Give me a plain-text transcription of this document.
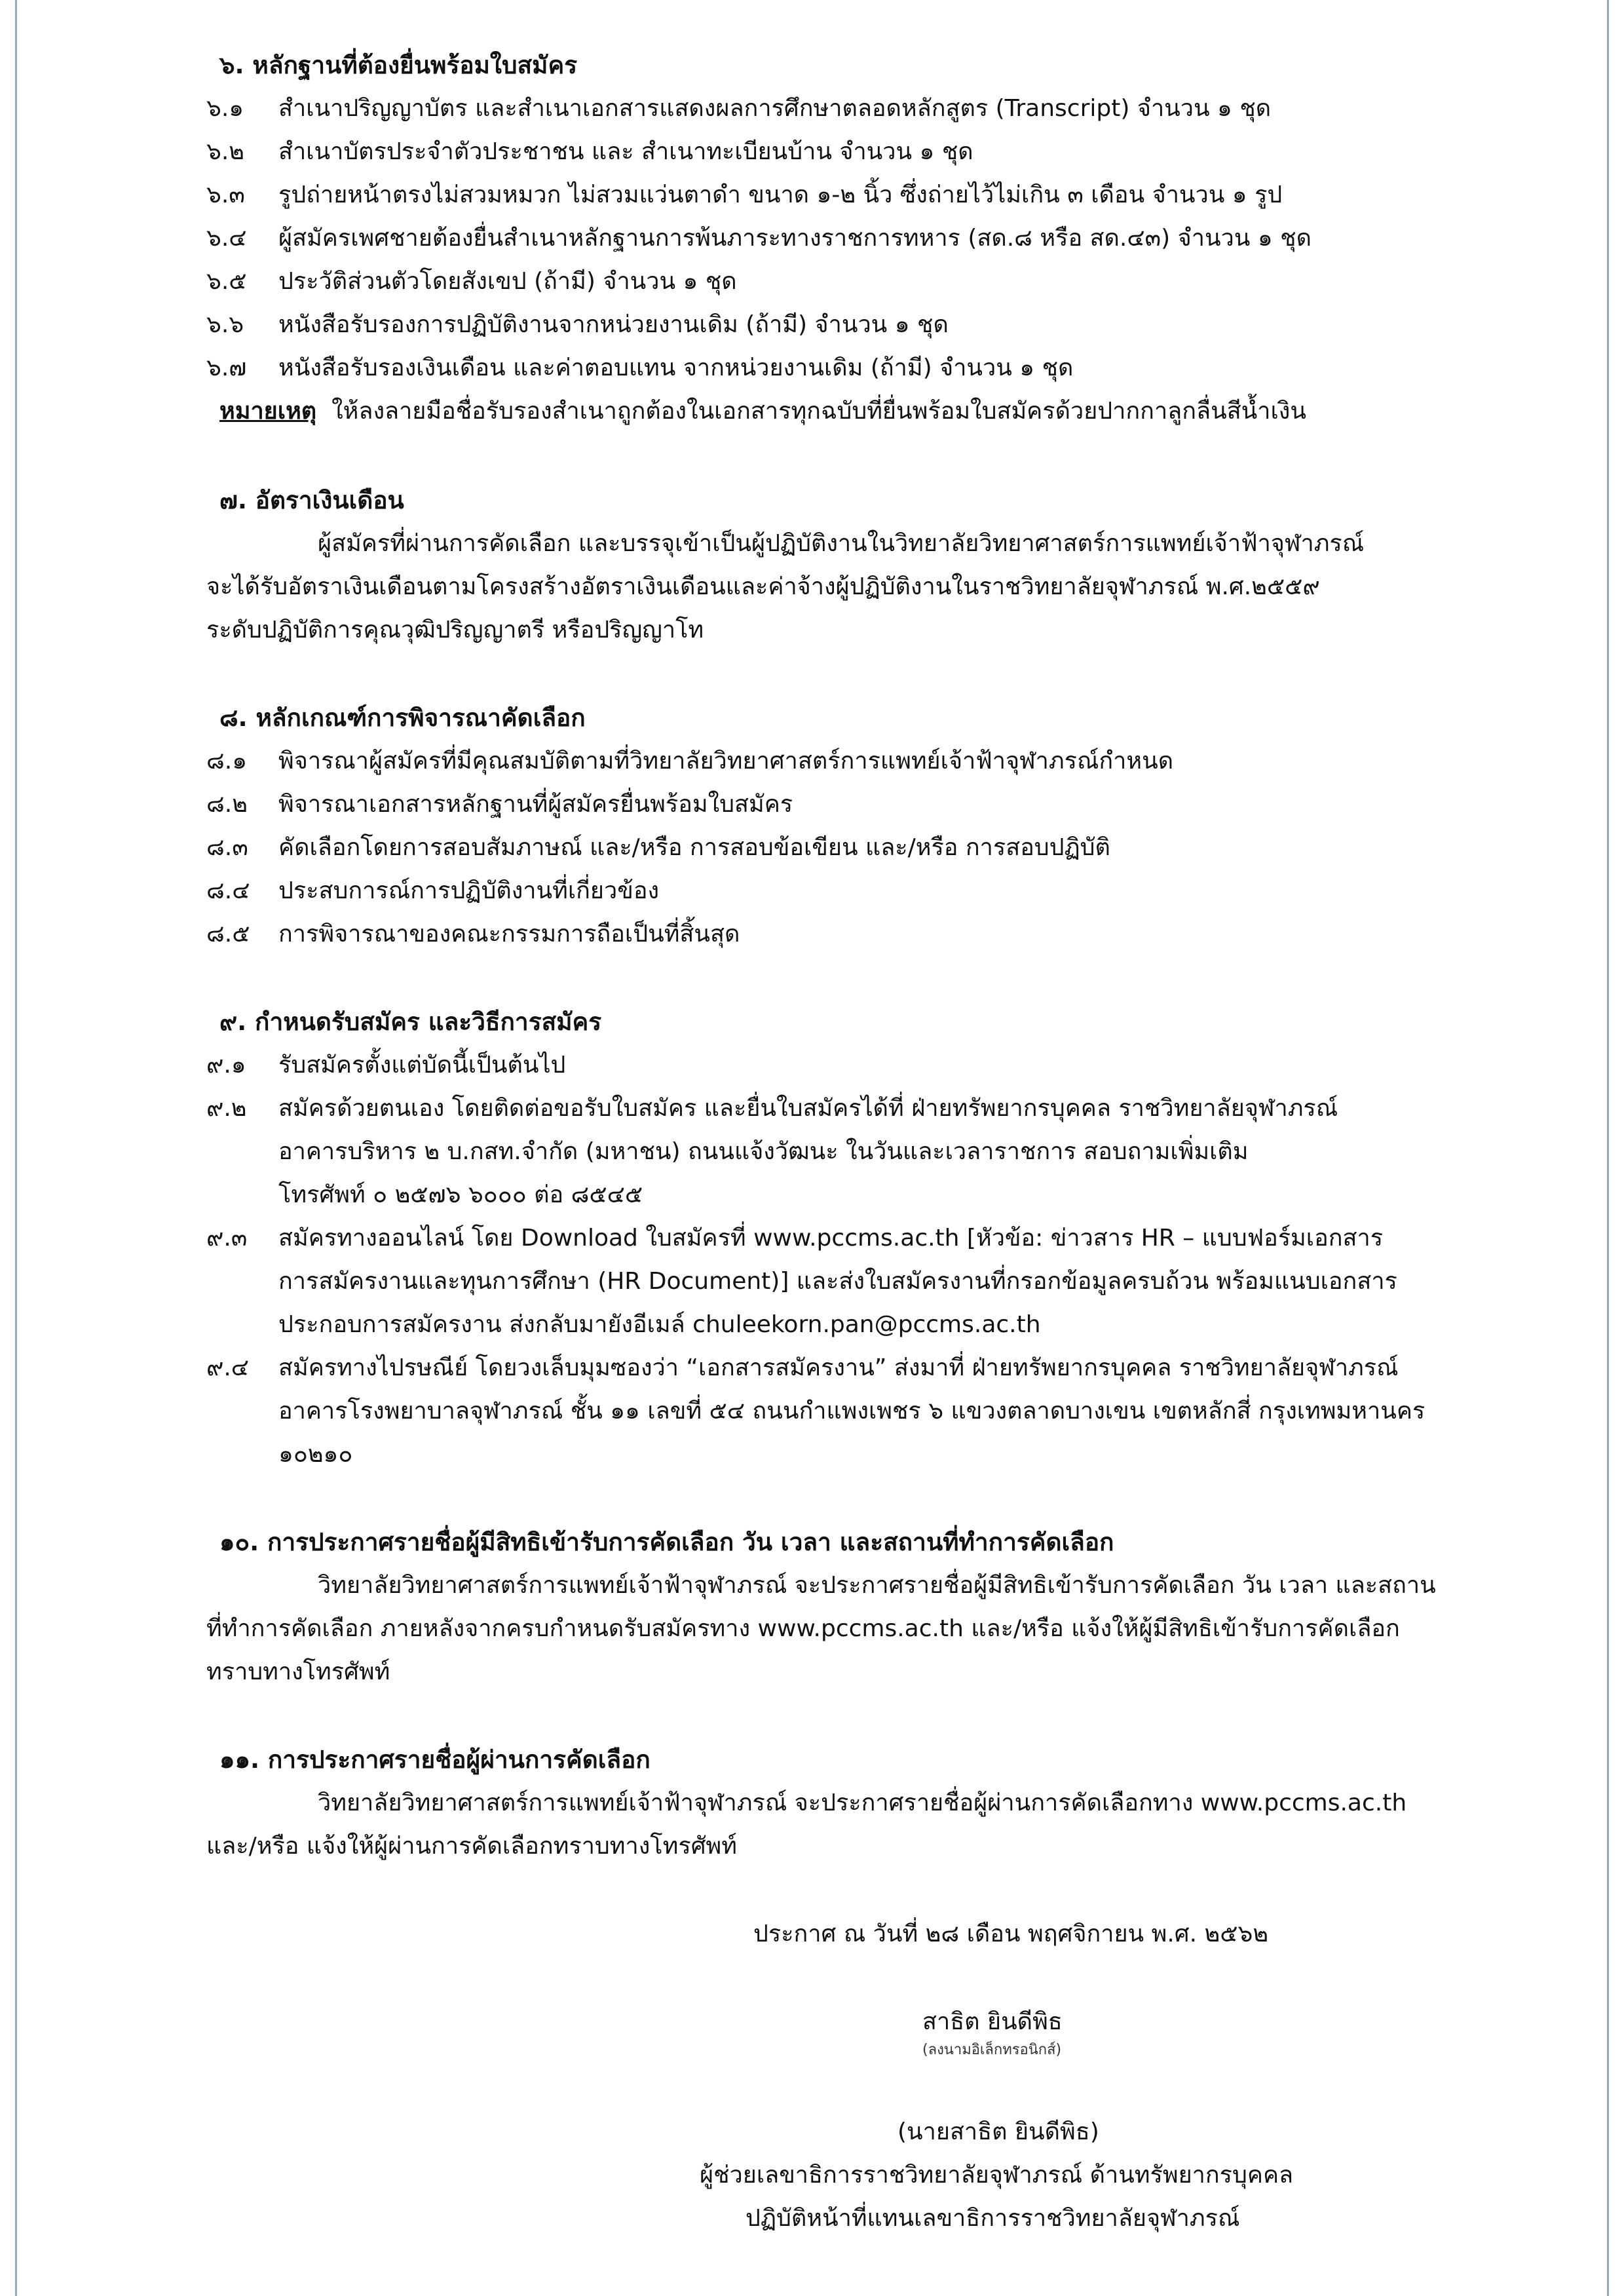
๖. หลักฐานที่ต้องยื่นพร้อมใบสมัคร
๖.๑ สำเนาปริญญาบัตร และสำเนาเอกสารแสดงผลการศึกษาตลอดหลักสูตร (Transcript) จำนวน ๑ ชุด
๖.๒ สำเนาบัตรประจำตัวประชาชน และ สำเนาทะเบียนบ้าน จำนวน ๑ ชุด
๖.๓ รูปถ่ายหน้าตรงไม่สวมหมวก ไม่สวมแว่นตาดำ ขนาด ๑-๒ นิ้ว ซึ่งถ่ายไว้ไม่เกิน ๓ เดือน จำนวน ๑ รูป
๖.๔ ผู้สมัครเพศชายต้องยื่นสำเนาหลักฐานการพ้นภาระทางราชการทหาร (สด.๘ หรือ สด.๔๓) จำนวน ๑ ชุด
๖.๕ ประวัติส่วนตัวโดยสังเขป (ถ้ามี) จำนวน ๑ ชุด
๖.๖ หนังสือรับรองการปฏิบัติงานจากหน่วยงานเดิม (ถ้ามี) จำนวน ๑ ชุด
๖.๗ หนังสือรับรองเงินเดือน และค่าตอบแทน จากหน่วยงานเดิม (ถ้ามี) จำนวน ๑ ชุด
หมายเหตุ ให้ลงลายมือชื่อรับรองสำเนาถูกต้องในเอกสารทุกฉบับที่ยื่นพร้อมใบสมัครด้วยปากกาลูกลื่นสีน้ำเงิน
๗. อัตราเงินเดือน
ผู้สมัครที่ผ่านการคัดเลือก และบรรจุเข้าเป็นผู้ปฏิบัติงานในวิทยาลัยวิทยาศาสตร์การแพทย์เจ้าฟ้าจุฬาภรณ์
จะได้รับอัตราเงินเดือนตามโครงสร้างอัตราเงินเดือนและค่าจ้างผู้ปฏิบัติงานในราชวิทยาลัยจุฬาภรณ์ พ.ศ.๒๕๕๙
ระดับปฏิบัติการคุณวุฒิปริญญาตรี หรือปริญญาโท
๘. หลักเกณฑ์การพิจารณาคัดเลือก
๘.๑ พิจารณาผู้สมัครที่มีคุณสมบัติตามที่วิทยาลัยวิทยาศาสตร์การแพทย์เจ้าฟ้าจุฬาภรณ์กำหนด
๘.๒ พิจารณาเอกสารหลักฐานที่ผู้สมัครยื่นพร้อมใบสมัคร
๘.๓ คัดเลือกโดยการสอบสัมภาษณ์ และ/หรือ การสอบข้อเขียน และ/หรือ การสอบปฏิบัติ
๘.๔ ประสบการณ์การปฏิบัติงานที่เกี่ยวข้อง
๘.๕ การพิจารณาของคณะกรรมการถือเป็นที่สิ้นสุด
๙. กำหนดรับสมัคร และวิธีการสมัคร
๙.๑ รับสมัครตั้งแต่บัดนี้เป็นต้นไป
๙.๒ สมัครด้วยตนเอง โดยติดต่อขอรับใบสมัคร และยื่นใบสมัครได้ที่ ฝ่ายทรัพยากรบุคคล ราชวิทยาลัยจุฬาภรณ์
อาคารบริหาร ๒ บ.กสท.จำกัด (มหาชน) ถนนแจ้งวัฒนะ ในวันและเวลาราชการ สอบถามเพิ่มเติม
โทรศัพท์ ๐ ๒๕๗๖ ๖๐๐๐ ต่อ ๘๕๔๕
๙.๓ สมัครทางออนไลน์ โดย Download ใบสมัครที่ www.pccms.ac.th [หัวข้อ: ข่าวสาร HR – แบบฟอร์มเอกสาร
การสมัครงานและทุนการศึกษา (HR Document)] และส่งใบสมัครงานที่กรอกข้อมูลครบถ้วน พร้อมแนบเอกสาร
ประกอบการสมัครงาน ส่งกลับมายังอีเมล์ chuleekorn.pan@pccms.ac.th
๙.๔ สมัครทางไปรษณีย์ โดยวงเล็บมุมซองว่า “เอกสารสมัครงาน” ส่งมาที่ ฝ่ายทรัพยากรบุคคล ราชวิทยาลัยจุฬาภรณ์
อาคารโรงพยาบาลจุฬาภรณ์ ชั้น ๑๑ เลขที่ ๕๔ ถนนกำแพงเพชร ๖ แขวงตลาดบางเขน เขตหลักสี่ กรุงเทพมหานคร
๑๐๒๑๐
๑๐. การประกาศรายชื่อผู้มีสิทธิเข้ารับการคัดเลือก วัน เวลา และสถานที่ทำการคัดเลือก
วิทยาลัยวิทยาศาสตร์การแพทย์เจ้าฟ้าจุฬาภรณ์ จะประกาศรายชื่อผู้มีสิทธิเข้ารับการคัดเลือก วัน เวลา และสถาน
ที่ทำการคัดเลือก ภายหลังจากครบกำหนดรับสมัครทาง www.pccms.ac.th และ/หรือ แจ้งให้ผู้มีสิทธิเข้ารับการคัดเลือก
ทราบทางโทรศัพท์
๑๑. การประกาศรายชื่อผู้ผ่านการคัดเลือก
วิทยาลัยวิทยาศาสตร์การแพทย์เจ้าฟ้าจุฬาภรณ์ จะประกาศรายชื่อผู้ผ่านการคัดเลือกทาง www.pccms.ac.th
และ/หรือ แจ้งให้ผู้ผ่านการคัดเลือกทราบทางโทรศัพท์
ประกาศ ณ วันที่ ๒๘ เดือน พฤศจิกายน พ.ศ. ๒๕๖๒
สาธิต ยินดีพิธ
(ลงนามอิเล็กทรอนิกส์)
(นายสาธิต ยินดีพิธ)
ผู้ช่วยเลขาธิการราชวิทยาลัยจุฬาภรณ์ ด้านทรัพยากรบุคคล
ปฏิบัติหน้าที่แทนเลขาธิการราชวิทยาลัยจุฬาภรณ์
